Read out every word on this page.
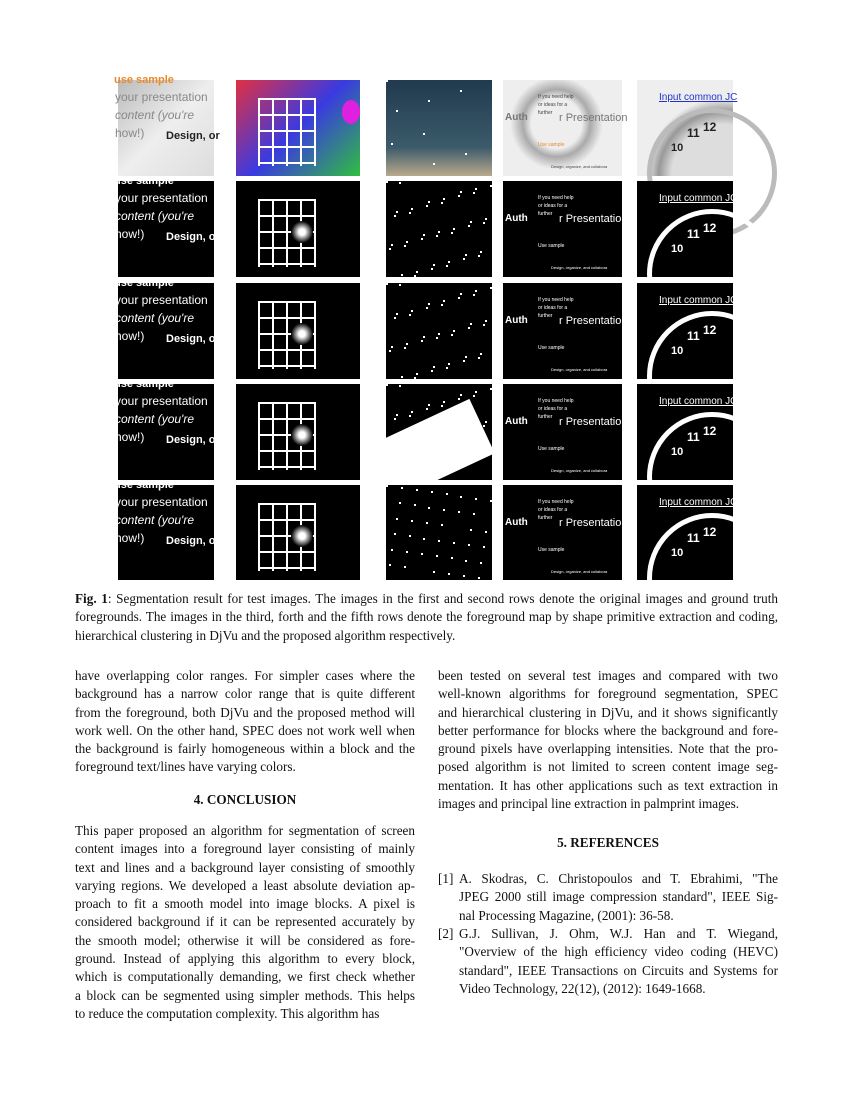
use sample
your presentation
content (you're
how!) Design, or
If you need help
or ideas for a
further
Auth	r Presentation
Use sample
Design, organize, and collabora
Input common JC
12
11
10
use sample
your presentation
content (you're
how!) Design, or
If you need help
or ideas for a
further
Auth	r Presentation
Use sample
Design, organize, and collabora
Input common JC
12
11
10
use sample
your presentation
content (you're
how!) Design, or
If you need help
or ideas for a
further
Auth	r Presentation
Use sample
Design, organize, and collabora
Input common JC
12
11
10
use sample
your presentation
content (you're
how!) Design, or
If you need help
or ideas for a
further
Auth	r Presentation
Use sample
Design, organize, and collabora
Input common JC
12
11
10
use sample
your presentation
content (you're
how!) Design, or
If you need help
or ideas for a
further
Auth	r Presentation
Use sample
Design, organize, and collabora
Input common JC
12
11
10
Fig. 1: Segmentation result for test images. The images in the first and second rows denote the original images and ground truth foregrounds. The images in the third, forth and the fifth rows denote the foreground map by shape primitive extraction and coding, hierarchical clustering in DjVu and the proposed algorithm respectively.
have overlapping color ranges. For simpler cases where the
background has a narrow color range that is quite different
from the foreground, both DjVu and the proposed method will
work well. On the other hand, SPEC does not work well when
the background is fairly homogeneous within a block and the
foreground text/lines have varying colors.
4. CONCLUSION
This paper proposed an algorithm for segmentation of screen
content images into a foreground layer consisting of mainly
text and lines and a background layer consisting of smoothly
varying regions. We developed a least absolute deviation ap-
proach to fit a smooth model into image blocks. A pixel is
considered background if it can be represented accurately by
the smooth model; otherwise it will be considered as fore-
ground. Instead of applying this algorithm to every block,
which is computationally demanding, we first check whether
a block can be segmented using simpler methods. This helps
to reduce the computation complexity. This algorithm has
been tested on several test images and compared with two
well-known algorithms for foreground segmentation, SPEC
and hierarchical clustering in DjVu, and it shows significantly
better performance for blocks where the background and fore-
ground pixels have overlapping intensities. Note that the pro-
posed algorithm is not limited to screen content image seg-
mentation. It has other applications such as text extraction in
images and principal line extraction in palmprint images.
5. REFERENCES
[1] A. Skodras, C. Christopoulos and T. Ebrahimi, "The
JPEG 2000 still image compression standard", IEEE Sig-
nal Processing Magazine, (2001): 36-58.
[2] G.J. Sullivan, J. Ohm, W.J. Han and T. Wiegand,
"Overview of the high efficiency video coding (HEVC)
standard", IEEE Transactions on Circuits and Systems for
Video Technology, 22(12), (2012): 1649-1668.
